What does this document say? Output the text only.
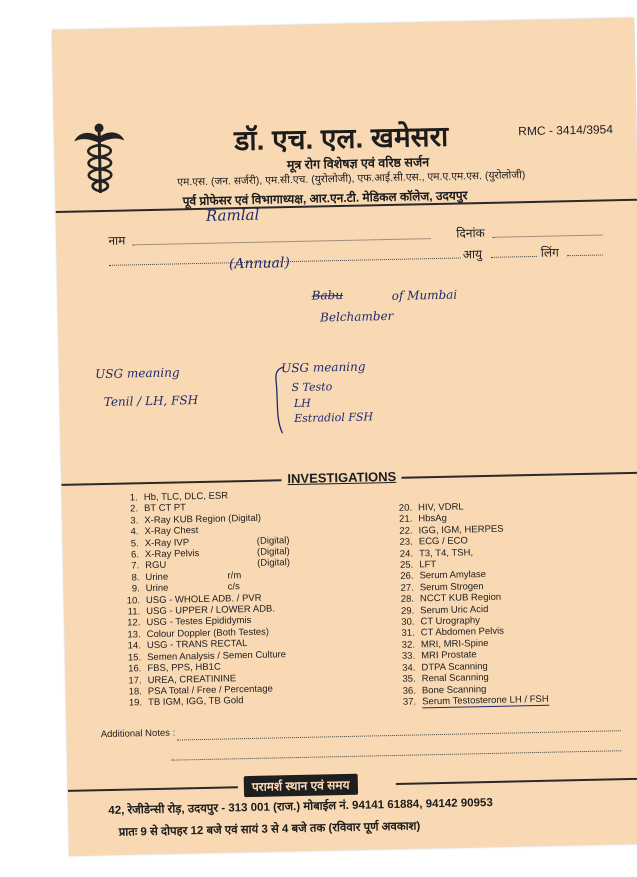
डॉ. एच. एल. खमेसरा	RMC - 3414/3954
मूत्र रोग विशेषज्ञ एवं वरिष्ठ सर्जन
एम.एस. (जन. सर्जरी), एम.सी.एच. (युरोलोजी), एफ.आई.सी.एस., एम.ए.एम.एस. (युरोलोजी)
पूर्व प्रोफेसर एवं विभागाध्यक्ष, आर.एन.टी. मेडिकल कॉलेज, उदयपुर
नाम
दिनांक
आयु	लिंग
Ramlal
(Annual)
Babu	of Mumbai
Belchamber
USG meaning
Tenil / LH, FSH
USG meaning
S Testo
LH
Estradiol FSH
INVESTIGATIONS
1. Hb, TLC, DLC, ESR
2. BT CT PT
3. X-Ray KUB Region (Digital)
4. X-Ray Chest
5. X-Ray IVP	(Digital)
6. X-Ray Pelvis	(Digital)
7. RGU	(Digital)
8. Urine	r/m
9. Urine	c/s
10. USG - WHOLE ADB. / PVR
11. USG - UPPER / LOWER ADB.
12. USG - Testes Epididymis
13. Colour Doppler (Both Testes)
14. USG - TRANS RECTAL
15. Semen Analysis / Semen Culture
16. FBS, PPS, HB1C
17. UREA, CREATININE
18. PSA Total / Free / Percentage
19. TB IGM, IGG, TB Gold
20. HIV, VDRL
21. HbsAg
22. IGG, IGM, HERPES
23. ECG / ECO
24. T3, T4, TSH,
25. LFT
26. Serum Amylase
27. Serum Strogen
28. NCCT KUB Region
29. Serum Uric Acid
30. CT Urography
31. CT Abdomen Pelvis
32. MRI, MRI-Spine
33. MRI Prostate
34. DTPA Scanning
35. Renal Scanning
36. Bone Scanning
37. Serum Testosterone LH / FSH
Additional Notes :
परामर्श स्थान एवं समय
42, रेजीडेन्सी रोड़, उदयपुर - 313 001 (राज.) मोबाईल नं. 94141 61884, 94142 90953
प्रातः 9 से दोपहर 12 बजे एवं सायं 3 से 4 बजे तक (रविवार पूर्ण अवकाश)
